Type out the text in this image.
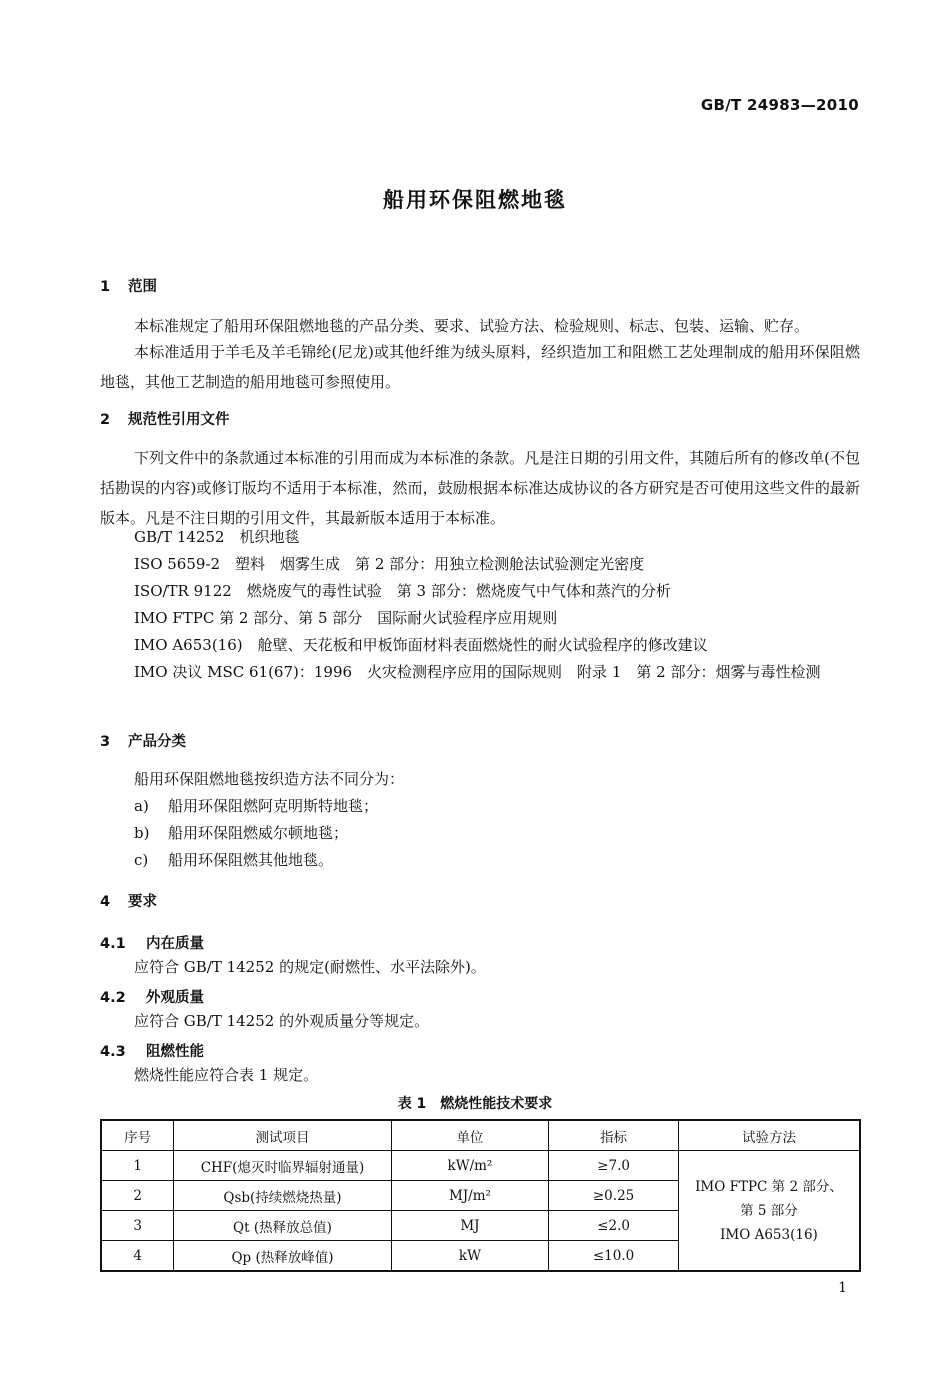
GB/T 24983—2010
船用环保阻燃地毯
1 范围
本标准规定了船用环保阻燃地毯的产品分类、要求、试验方法、检验规则、标志、包装、运输、贮存。
本标准适用于羊毛及羊毛锦纶(尼龙)或其他纤维为绒头原料，经织造加工和阻燃工艺处理制成的船用环保阻燃地毯，其他工艺制造的船用地毯可参照使用。
2 规范性引用文件
下列文件中的条款通过本标准的引用而成为本标准的条款。凡是注日期的引用文件，其随后所有的修改单(不包括勘误的内容)或修订版均不适用于本标准，然而，鼓励根据本标准达成协议的各方研究是否可使用这些文件的最新版本。凡是不注日期的引用文件，其最新版本适用于本标准。
GB/T 14252　机织地毯
ISO 5659-2　塑料　烟雾生成　第 2 部分：用独立检测舱法试验测定光密度
ISO/TR 9122　燃烧废气的毒性试验　第 3 部分：燃烧废气中气体和蒸汽的分析
IMO FTPC 第 2 部分、第 5 部分　国际耐火试验程序应用规则
IMO A653(16)　舱壁、天花板和甲板饰面材料表面燃烧性的耐火试验程序的修改建议
IMO 决议 MSC 61(67)：1996　火灾检测程序应用的国际规则　附录 1　第 2 部分：烟雾与毒性检测
3 产品分类
船用环保阻燃地毯按织造方法不同分为：
a) 船用环保阻燃阿克明斯特地毯；
b) 船用环保阻燃威尔顿地毯；
c) 船用环保阻燃其他地毯。
4 要求
4.1 内在质量
应符合 GB/T 14252 的规定(耐燃性、水平法除外)。
4.2 外观质量
应符合 GB/T 14252 的外观质量分等规定。
4.3 阻燃性能
燃烧性能应符合表 1 规定。
表 1　燃烧性能技术要求
序号	测试项目	单位	指标	试验方法
1	CHF(熄灭时临界辐射通量)	kW/m²	≥7.0	IMO FTPC 第 2 部分、
第 5 部分
IMO A653(16)

2	Qsb(持续燃烧热量)	MJ/m²	≥0.25	
3	Qt (热释放总值)	MJ	≤2.0	
4	Qp (热释放峰值)	kW	≤10.0	
1
